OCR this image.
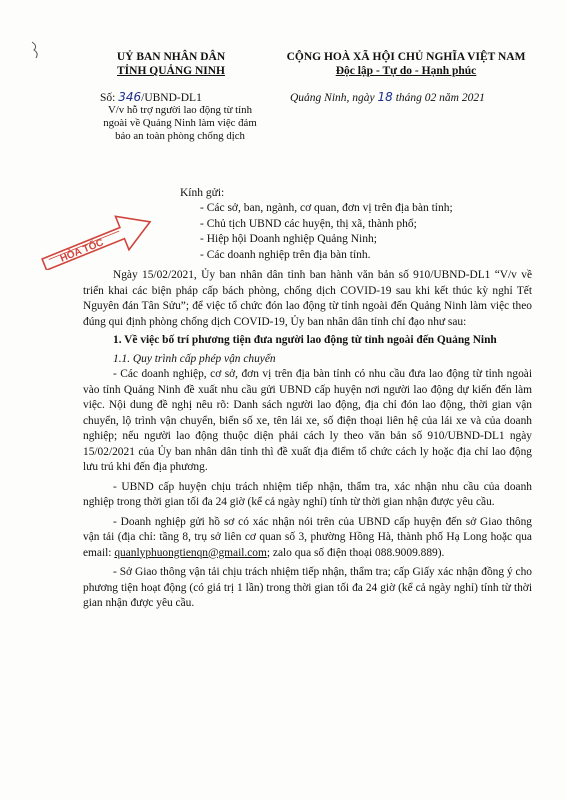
UỶ BAN NHÂN DÂN
TỈNH QUẢNG NINH
CỘNG HOÀ XÃ HỘI CHỦ NGHĨA VIỆT NAM
Độc lập - Tự do - Hạnh phúc
Số: 346/UBND-DL1	Quảng Ninh, ngày 18 tháng 02 năm 2021
V/v hỗ trợ người lao động từ tỉnh ngoài về Quảng Ninh làm việc đảm bảo an toàn phòng chống dịch
HỎA TỐC
Kính gửi:
- Các sở, ban, ngành, cơ quan, đơn vị trên địa bàn tỉnh;
- Chủ tịch UBND các huyện, thị xã, thành phố;
- Hiệp hội Doanh nghiệp Quảng Ninh;
- Các doanh nghiệp trên địa bàn tỉnh.

Ngày 15/02/2021, Ủy ban nhân dân tỉnh ban hành văn bản số 910/UBND-DL1 “V/v về triển khai các biện pháp cấp bách phòng, chống dịch COVID-19 sau khi kết thúc kỳ nghỉ Tết Nguyên đán Tân Sửu”; để việc tổ chức đón lao động từ tỉnh ngoài đến Quảng Ninh làm việc theo đúng qui định phòng chống dịch COVID-19, Ủy ban nhân dân tỉnh chỉ đạo như sau:

1. Về việc bố trí phương tiện đưa người lao động từ tỉnh ngoài đến Quảng Ninh

1.1. Quy trình cấp phép vận chuyển

- Các doanh nghiệp, cơ sở, đơn vị trên địa bàn tỉnh có nhu cầu đưa lao động từ tỉnh ngoài vào tỉnh Quảng Ninh đề xuất nhu cầu gửi UBND cấp huyện nơi người lao động dự kiến đến làm việc. Nội dung đề nghị nêu rõ: Danh sách người lao động, địa chỉ đón lao động, thời gian vận chuyển, lộ trình vận chuyển, biển số xe, tên lái xe, số điện thoại liên hệ của lái xe và của doanh nghiệp; nếu người lao động thuộc diện phải cách ly theo văn bản số 910/UBND-DL1 ngày 15/02/2021 của Ủy ban nhân dân tỉnh thì đề xuất địa điểm tổ chức cách ly hoặc địa chỉ lao động lưu trú khi đến địa phương.

- UBND cấp huyện chịu trách nhiệm tiếp nhận, thẩm tra, xác nhận nhu cầu của doanh nghiệp trong thời gian tối đa 24 giờ (kể cả ngày nghỉ) tính từ thời gian nhận được yêu cầu.

- Doanh nghiệp gửi hồ sơ có xác nhận nói trên của UBND cấp huyện đến sở Giao thông vận tải (địa chỉ: tầng 8, trụ sở liên cơ quan số 3, phường Hồng Hà, thành phố Hạ Long hoặc qua email: quanlyphuongtienqn@gmail.com; zalo qua số điện thoại 088.9009.889).

- Sở Giao thông vận tải chịu trách nhiệm tiếp nhận, thẩm tra; cấp Giấy xác nhận đồng ý cho phương tiện hoạt động (có giá trị 1 lần) trong thời gian tối đa 24 giờ (kể cả ngày nghỉ) tính từ thời gian nhận được yêu cầu.
